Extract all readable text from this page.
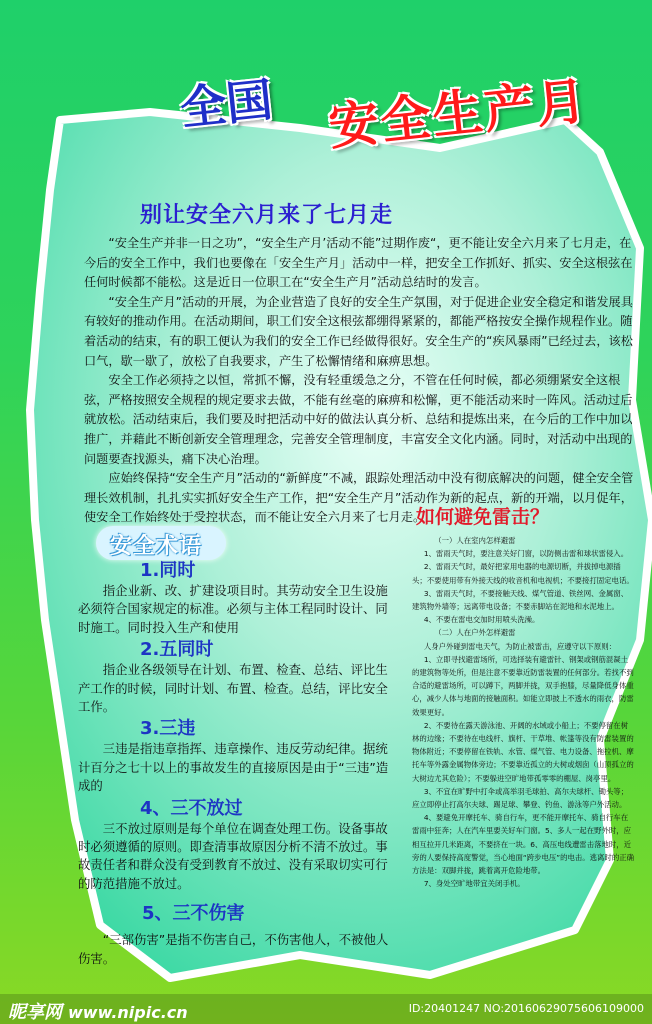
全国 安全生产月
别让安全六月来了七月走

“安全生产并非一日之功”，“安全生产月’活动不能”过期作废“，更不能让安全六月来了七月走，在今后的安全工作中，我们也要像在「安全生产月」活动中一样，把安全工作抓好、抓实、安全这根弦在任何时候都不能松。这是近日一位职工在“安全生产月”活动总结时的发言。

“安全生产月”活动的开展，为企业营造了良好的安全生产氛围，对于促进企业安全稳定和谐发展具有较好的推动作用。在活动期间，职工们安全这根弦都绷得紧紧的，都能严格按安全操作规程作业。随着活动的结束，有的职工便认为我们的安全工作已经做得很好。安全生产的“疾风暴雨”已经过去，该松口气，歇一歇了，放松了自我要求，产生了松懈情绪和麻痹思想。

安全工作必须持之以恒，常抓不懈，没有轻重缓急之分，不管在任何时候，都必须绷紧安全这根弦，严格按照安全规程的规定要求去做，不能有丝毫的麻痹和松懈，更不能活动来时一阵风。活动过后就放松。活动结束后，我们要及时把活动中好的做法认真分析、总结和提炼出来，在今后的工作中加以推广，并藉此不断创新安全管理理念，完善安全管理制度，丰富安全文化内涵。同时，对活动中出现的问题要查找源头，痛下决心治理。

应始终保持“安全生产月”活动的“新鲜度”不减，跟踪处理活动中没有彻底解决的问题，健全安全管理长效机制，扎扎实实抓好安全生产工作，把“安全生产月”活动作为新的起点，新的开端，以月促年，使安全工作始终处于受控状态，而不能让安全六月来了七月走。

安全术语
1.同时
指企业新、改、扩建设项目时。其劳动安全卫生设施必须符合国家规定的标准。必须与主体工程同时设计、同时施工。同时投入生产和使用
2.五同时
指企业各级领导在计划、布置、检查、总结、评比生产工作的时候，同时计划、布置、检查。总结，评比安全工作。
3.三违
三违是指违章指挥、违章操作、违反劳动纪律。据统计百分之七十以上的事故发生的直接原因是由于“三违”造成的
4、三不放过
三不放过原则是每个单位在调查处理工伤。设备事故时必须遵循的原则。即查清事故原因分析不清不放过。事故责任者和群众没有受到教育不放过、没有采取切实可行的防范措施不放过。
5、三不伤害
“三部伤害”是指不伤害自己，不伤害他人，不被他人伤害。
如何避免雷击？

（一）人在室内怎样避雷

1、雷雨天气时，要注意关好门窗，以防侧击雷和球状雷侵入。

2、雷雨天气时，最好把家用电器的电源切断，并拔掉电源插头；不要使用带有外接天线的收音机和电视机；不要接打固定电话。

3、雷雨天气时，不要接触天线、煤气管道、铁丝网、金属窗、建筑物外墙等；远离带电设备；不要赤脚站在泥地和水泥地上。

4、不要在雷电交加时用喷头洗澡。

（二）人在户外怎样避雷

人身户外碰到雷电天气，为防止被雷击，应遵守以下原则：

1、立即寻找避雷场所，可选择装有避雷针、钢架或钢筋混凝土的建筑物等处所，但是注意不要靠近防雷装置的任何部分。若找不到合适的避雷场所，可以蹲下，两脚并拢，双手抱膝，尽量降低身体重心，减少人体与地面的接触面积。如能立即披上不透水的雨衣，防雷效果更好。

2、不要待在露天游泳池、开阔的水域或小船上；不要停留在树林的边缘；不要待在电线杆、旗杆、干草堆、帐篷等没有防雷装置的物体附近；不要停留在铁轨、水管、煤气管、电力设备、拖拉机、摩托车等外露金属物体旁边；不要靠近孤立的大树或烟囱（山顶孤立的大树边尤其危险）；不要躲进空旷地带孤零零的棚屋、岗亭里。

3、不宜在旷野中打伞或高举羽毛球拍、高尔夫球杆、锄头等；应立即停止打高尔夫球、踢足球、攀登、钓鱼、游泳等户外活动。

4、要避免开摩托车、骑自行车，更不能开摩托车、骑自行车在雷雨中狂奔；人在汽车里要关好车门窗。5、多人一起在野外时，应相互拉开几米距离，不要挤在一块。6、高压电线遭雷击落地时，近旁的人要保持高度警觉，当心地面“跨步电压”的电击。逃离时的正确方法是：双脚并拢，跳着离开危险地带。

7、身处空旷地带宜关闭手机。

昵享网 www.nipic.cn	ID:20401247 NO:20160629075606109000
